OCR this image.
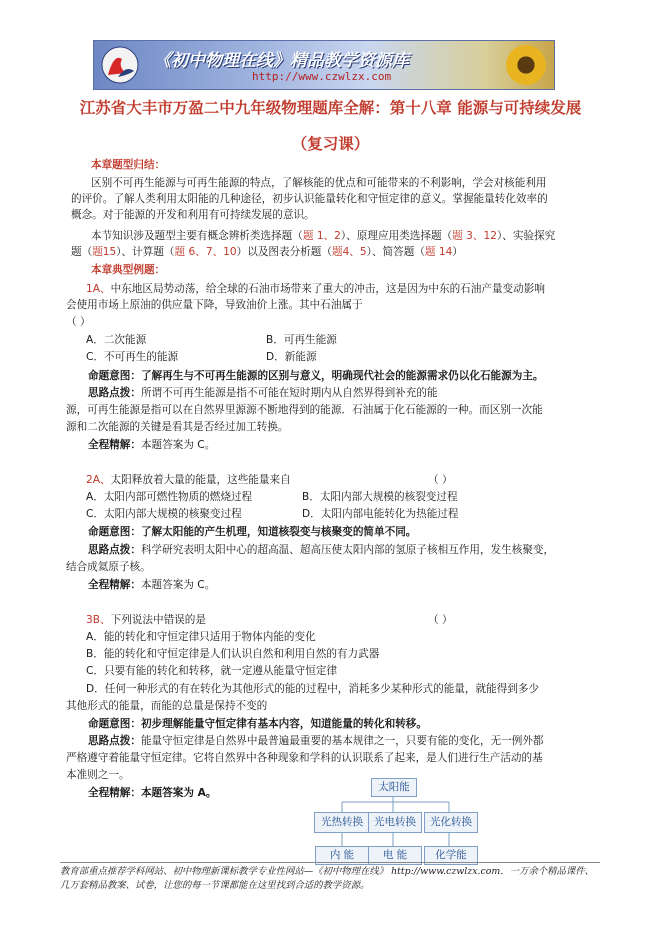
《初中物理在线》精品教学资源库
http://www.czwlzx.com
江苏省大丰市万盈二中九年级物理题库全解：第十八章 能源与可持续发展
（复习课）
本章题型归结：
区别不可再生能源与可再生能源的特点，了解核能的优点和可能带来的不利影响，学会对核能利用
的评价。了解人类利用太阳能的几种途径，初步认识能量转化和守恒定律的意义。掌握能量转化效率的
概念。对于能源的开发和利用有可持续发展的意识。
本节知识涉及题型主要有概念辨析类选择题（题 1、2）、原理应用类选择题（题 3、12）、实验探究
题（题15）、计算题（题 6、7、10）以及图表分析题（题4、5）、简答题（题 14）
本章典型例题：
1A、中东地区局势动荡，给全球的石油市场带来了重大的冲击，这是因为中东的石油产量变动影响
会使用市场上原油的供应量下降，导致油价上涨。其中石油属于
（ ）
A．二次能源	B．可再生能源
C．不可再生的能源	D．新能源
命题意图：了解再生与不可再生能源的区别与意义，明确现代社会的能源需求仍以化石能源为主。
思路点拨：所谓不可再生能源是指不可能在短时期内从自然界得到补充的能
源，可再生能源是指可以在自然界里源源不断地得到的能源．石油属于化石能源的一种。而区别一次能
源和二次能源的关键是看其是否经过加工转换。
全程精解：本题答案为 C。
2A、太阳释放着大量的能量，这些能量来自	（ ）
A．太阳内部可燃性物质的燃烧过程	B．太阳内部大规模的核裂变过程
C．太阳内部大规模的核聚变过程	D．太阳内部电能转化为热能过程
命题意图：了解太阳能的产生机理，知道核裂变与核聚变的简单不同。
思路点拨：科学研究表明太阳中心的超高温、超高压使太阳内部的氢原子核相互作用，发生核聚变，
结合成氦原子核。
全程精解：本题答案为 C。
3B、下列说法中错误的是	（ ）
A．能的转化和守恒定律只适用于物体内能的变化
B．能的转化和守恒定律是人们认识自然和利用自然的有力武器
C．只要有能的转化和转移，就一定遵从能量守恒定律
D．任何一种形式的有在转化为其他形式的能的过程中，消耗多少某种形式的能量，就能得到多少
其他形式的能量，而能的总量是保持不变的
命题意图：初步理解能量守恒定律有基本内容，知道能量的转化和转移。
思路点拨：能量守恒定律是自然界中最普遍最重要的基本规律之一，只要有能的变化，无一例外都
严格遵守着能量守恒定律。它将自然界中各种现象和学科的认识联系了起来，是人们进行生产活动的基
本准则之一。
全程精解：本题答案为 A。	太阳能
光热转换	光电转换	光化转换
内 能	电 能	化学能
教育部重点推荐学科网站、初中物理新课标教学专业性网站—《初中物理在线》 http://www.czwlzx.com．一万余个精品课件、
几万套精品教案、试卷，让您的每一节课都能在这里找到合适的教学资源。
